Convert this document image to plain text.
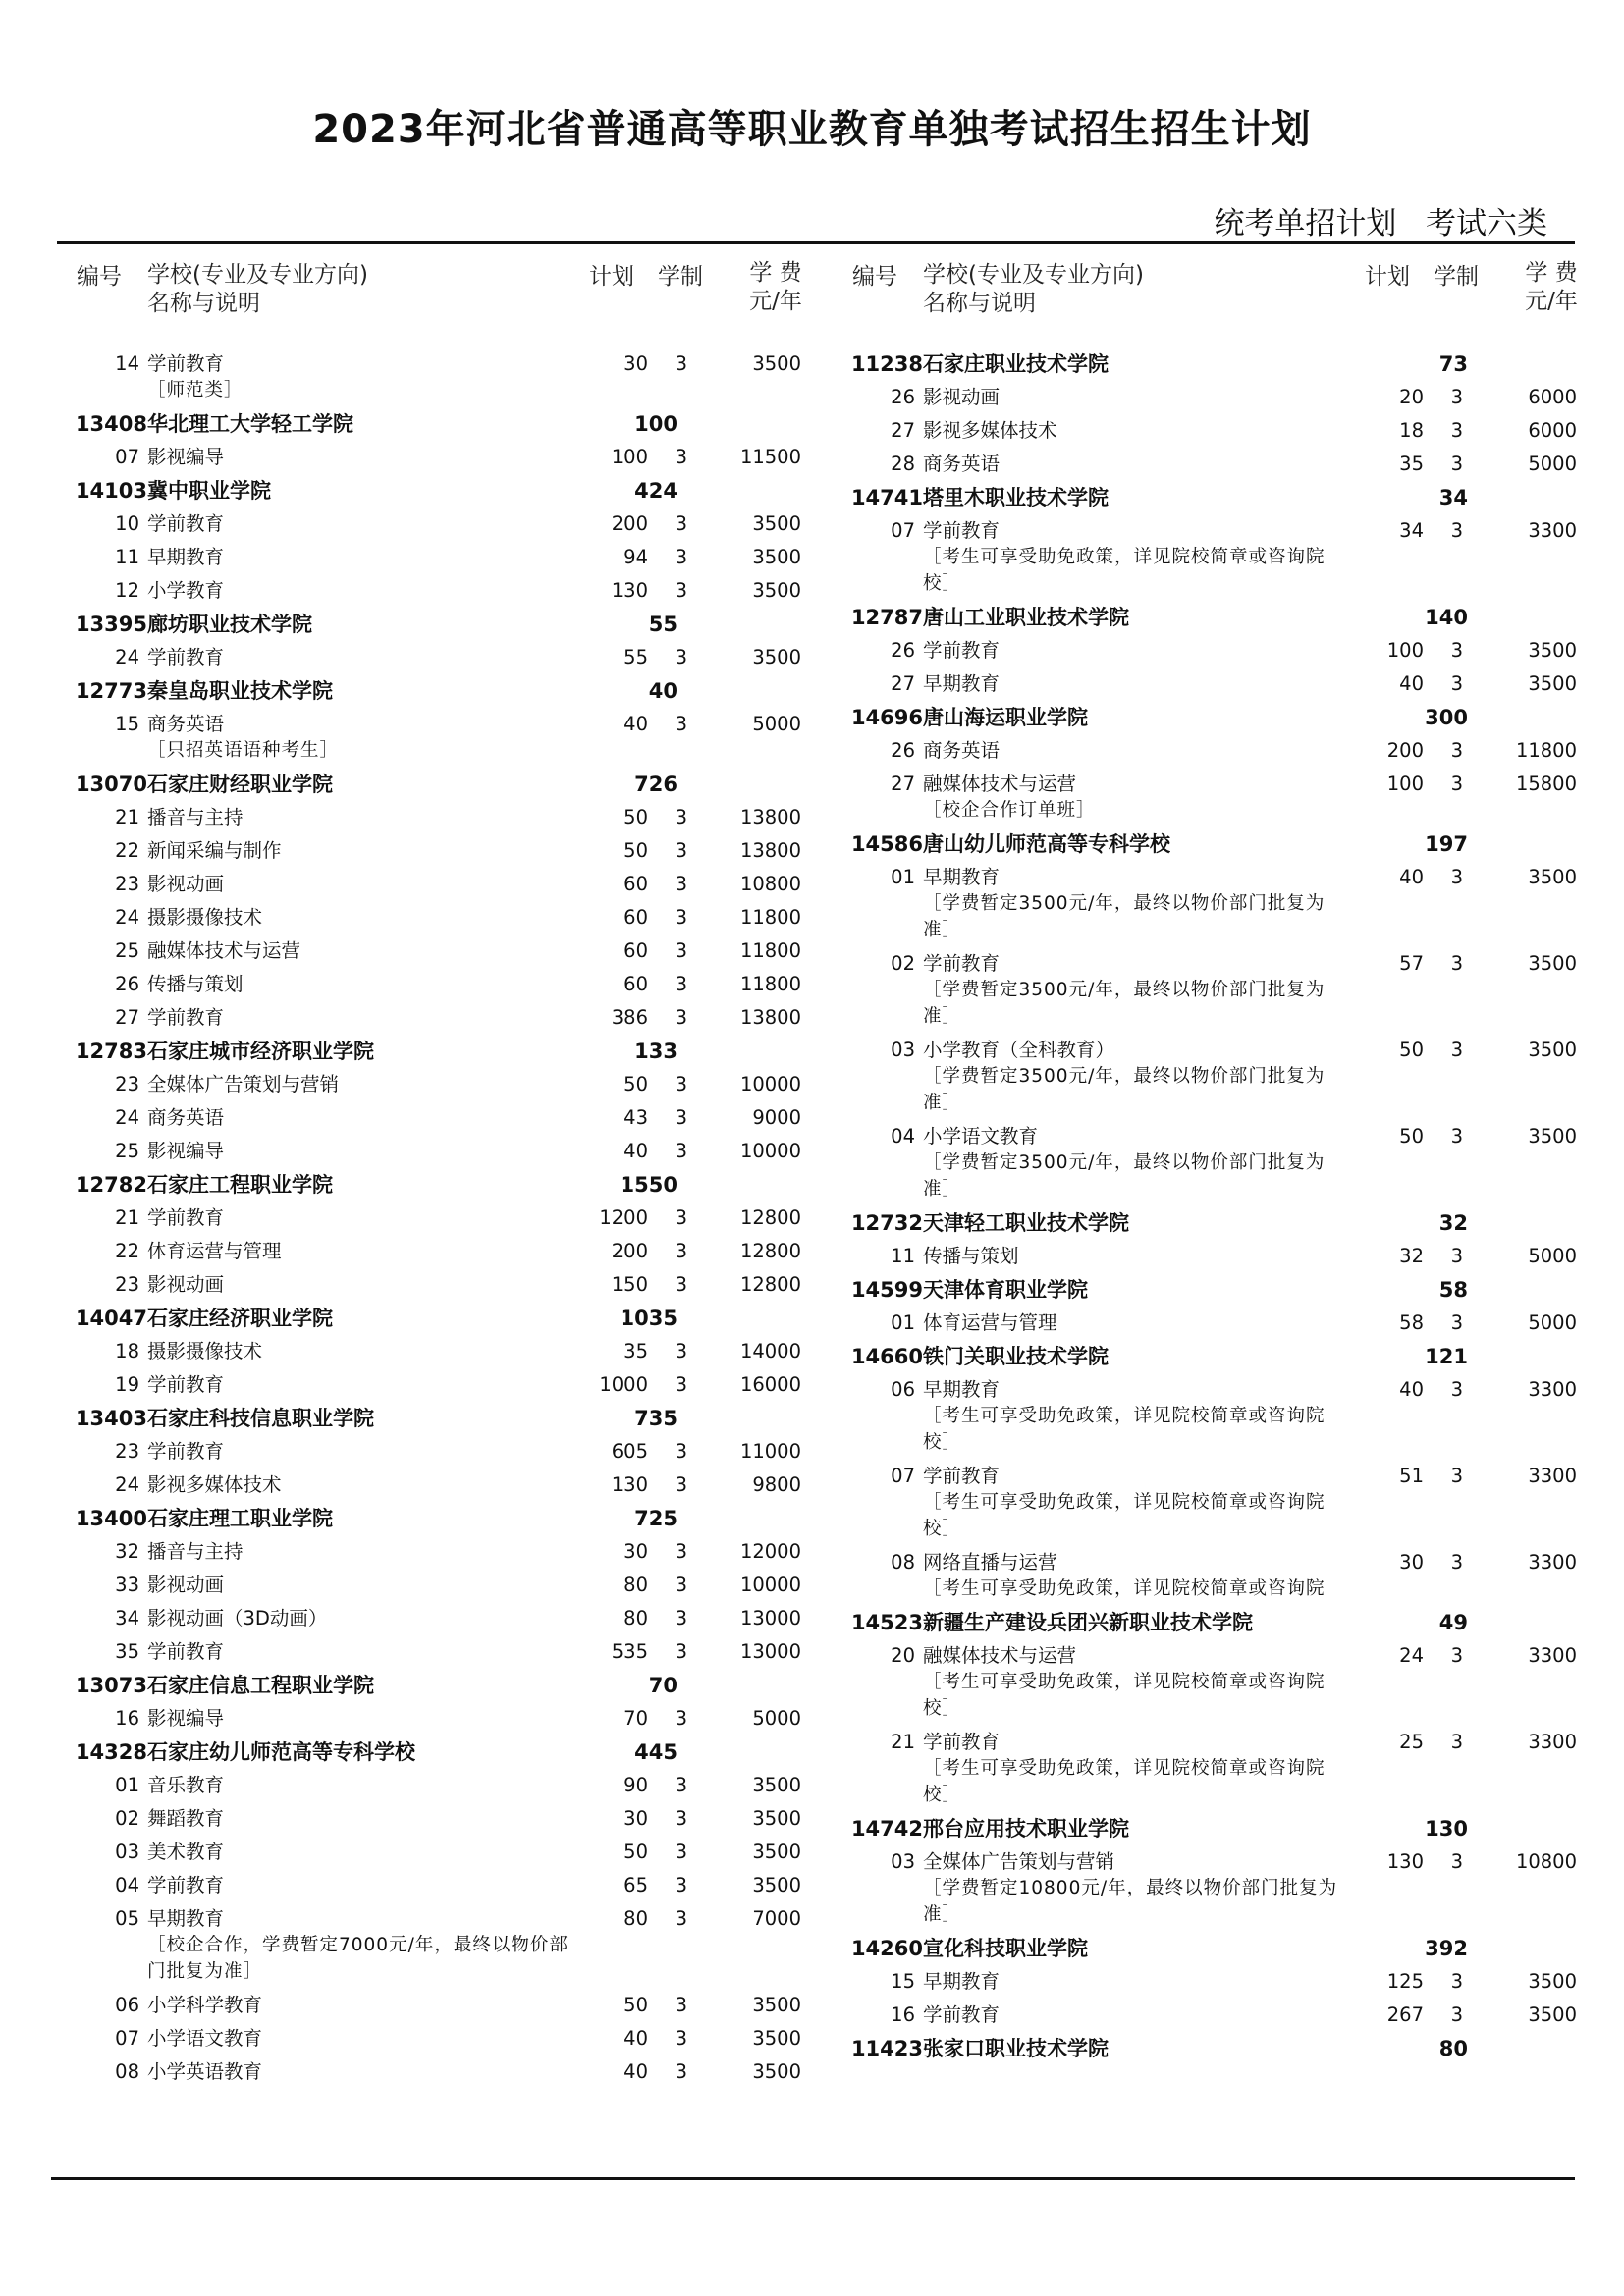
2023年河北省普通高等职业教育单独考试招生招生计划
统考单招计划   考试六类
编号 学校(专业及专业方向)
名称与说明
计划 学制	学 费
元/年
14 学前教育
［师范类］
30 3	3500
13408 华北理工大学轻工学院	100
07 影视编导	100 3	11500
14103 冀中职业学院	424
10 学前教育	200 3	3500
11 早期教育	94 3	3500
12 小学教育	130 3	3500
13395 廊坊职业技术学院	55
24 学前教育	55 3	3500
12773 秦皇岛职业技术学院	40
15 商务英语
［只招英语语种考生］
40 3	5000
13070 石家庄财经职业学院	726
21 播音与主持	50 3	13800
22 新闻采编与制作	50 3	13800
23 影视动画	60 3	10800
24 摄影摄像技术	60 3	11800
25 融媒体技术与运营	60 3	11800
26 传播与策划	60 3	11800
27 学前教育	386 3	13800
12783 石家庄城市经济职业学院	133
23 全媒体广告策划与营销	50 3	10000
24 商务英语	43 3	9000
25 影视编导	40 3	10000
12782 石家庄工程职业学院	1550
21 学前教育	1200 3	12800
22 体育运营与管理	200 3	12800
23 影视动画	150 3	12800
14047 石家庄经济职业学院	1035
18 摄影摄像技术	35 3	14000
19 学前教育	1000 3	16000
13403 石家庄科技信息职业学院	735
23 学前教育	605 3	11000
24 影视多媒体技术	130 3	9800
13400 石家庄理工职业学院	725
32 播音与主持	30 3	12000
33 影视动画	80 3	10000
34 影视动画（3D动画）	80 3	13000
35 学前教育	535 3	13000
13073 石家庄信息工程职业学院	70
16 影视编导	70 3	5000
14328 石家庄幼儿师范高等专科学校	445
01 音乐教育	90 3	3500
02 舞蹈教育	30 3	3500
03 美术教育	50 3	3500
04 学前教育	65 3	3500
05 早期教育
［校企合作，学费暂定7000元/年，最终以物价部门批复为准］
80 3	7000
06 小学科学教育	50 3	3500
07 小学语文教育	40 3	3500
08 小学英语教育	40 3	3500
编号 学校(专业及专业方向)
名称与说明
计划 学制	学 费
元/年
11238 石家庄职业技术学院	73
26 影视动画	20 3	6000
27 影视多媒体技术	18 3	6000
28 商务英语	35 3	5000
14741 塔里木职业技术学院	34
07 学前教育
［考生可享受助免政策，详见院校简章或咨询院校］
34 3	3300
12787 唐山工业职业技术学院	140
26 学前教育	100 3	3500
27 早期教育	40 3	3500
14696 唐山海运职业学院	300
26 商务英语	200 3	11800
27 融媒体技术与运营
［校企合作订单班］
100 3	15800
14586 唐山幼儿师范高等专科学校	197
01 早期教育
［学费暂定3500元/年，最终以物价部门批复为准］
40 3	3500
02 学前教育
［学费暂定3500元/年，最终以物价部门批复为准］
57 3	3500
03 小学教育（全科教育）
［学费暂定3500元/年，最终以物价部门批复为准］
50 3	3500
04 小学语文教育
［学费暂定3500元/年，最终以物价部门批复为准］
50 3	3500
12732 天津轻工职业技术学院	32
11 传播与策划	32 3	5000
14599 天津体育职业学院	58
01 体育运营与管理	58 3	5000
14660 铁门关职业技术学院	121
06 早期教育
［考生可享受助免政策，详见院校简章或咨询院校］
40 3	3300
07 学前教育
［考生可享受助免政策，详见院校简章或咨询院校］
51 3	3300
08 网络直播与运营
［考生可享受助免政策，详见院校简章或咨询院
30 3	3300
14523 新疆生产建设兵团兴新职业技术学院	49
20 融媒体技术与运营
［考生可享受助免政策，详见院校简章或咨询院校］
24 3	3300
21 学前教育
［考生可享受助免政策，详见院校简章或咨询院校］
25 3	3300
14742 邢台应用技术职业学院	130
03 全媒体广告策划与营销
［学费暂定10800元/年，最终以物价部门批复为准］
130 3	10800
14260 宣化科技职业学院	392
15 早期教育	125 3	3500
16 学前教育	267 3	3500
11423 张家口职业技术学院	80
